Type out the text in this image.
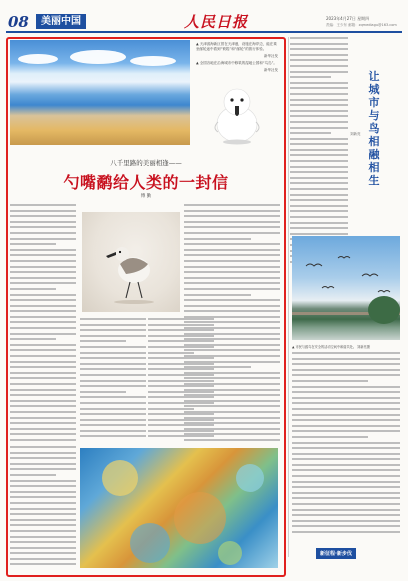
08	美丽中国	人民日报	2023年4月27日 星期四
责编：王少东 邮箱：zqmediagu@163.com

▲ 天津滨海新区曾在天津港，设施在海岸边，能在乘坐邮轮途中看到“锁匙”和“邮轮”的旅行体验。

新华社发

▲ 全国各地在沿海城市中修筑的湿地公园和“鸟岛”。

新华社发

八千里路的美丽相逢——
勺嘴鹬给人类的一封信
傅 勤
让城市与鸟相融相生
刘新亮
▲ 市民与鸥鸟在安全的活动空间中和谐共处。 刘新亮摄
新征程·新步伐
